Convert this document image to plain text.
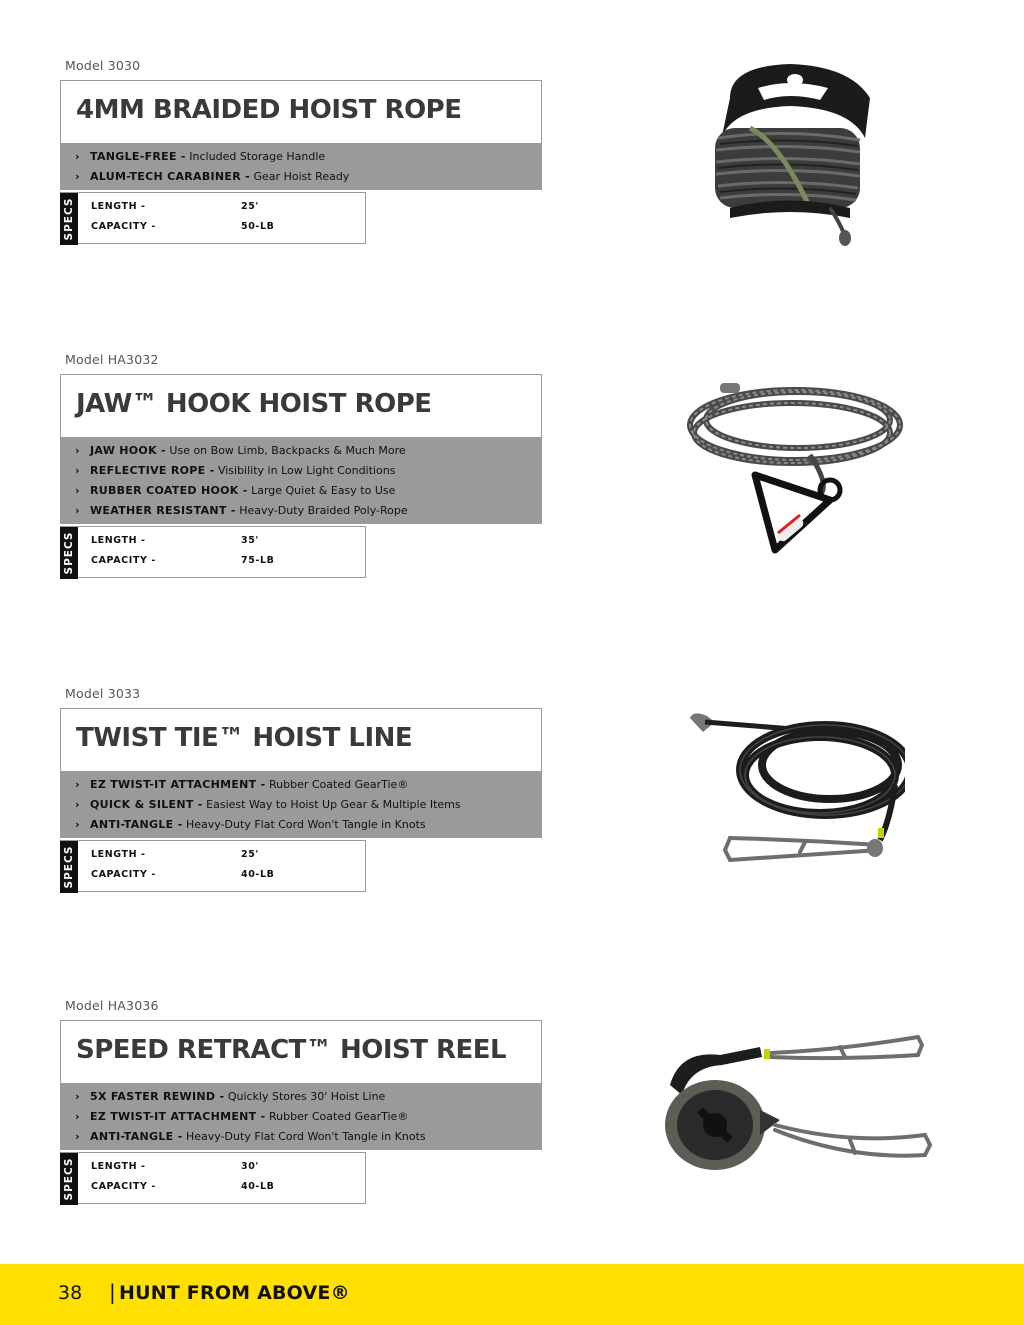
Model 3030
4MM BRAIDED HOIST ROPE
› TANGLE-FREE - Included Storage Handle
› ALUM-TECH CARABINER - Gear Hoist Ready
SPECS LENGTH -	25'
CAPACITY -	50-LB
Model HA3032
JAW™ HOOK HOIST ROPE
› JAW HOOK - Use on Bow Limb, Backpacks & Much More
› REFLECTIVE ROPE - Visibility in Low Light Conditions
› RUBBER COATED HOOK - Large Quiet & Easy to Use
› WEATHER RESISTANT - Heavy-Duty Braided Poly-Rope
SPECS LENGTH -	35'
CAPACITY -	75-LB
Model 3033
TWIST TIE™ HOIST LINE
› EZ TWIST-IT ATTACHMENT - Rubber Coated GearTie®
› QUICK & SILENT - Easiest Way to Hoist Up Gear & Multiple Items
› ANTI-TANGLE - Heavy-Duty Flat Cord Won't Tangle in Knots
SPECS LENGTH -	25'
CAPACITY -	40-LB
Model HA3036
SPEED RETRACT™ HOIST REEL
› 5X FASTER REWIND - Quickly Stores 30' Hoist Line
› EZ TWIST-IT ATTACHMENT - Rubber Coated GearTie®
› ANTI-TANGLE - Heavy-Duty Flat Cord Won't Tangle in Knots
SPECS LENGTH -	30'
CAPACITY -	40-LB
38 | HUNT FROM ABOVE®
